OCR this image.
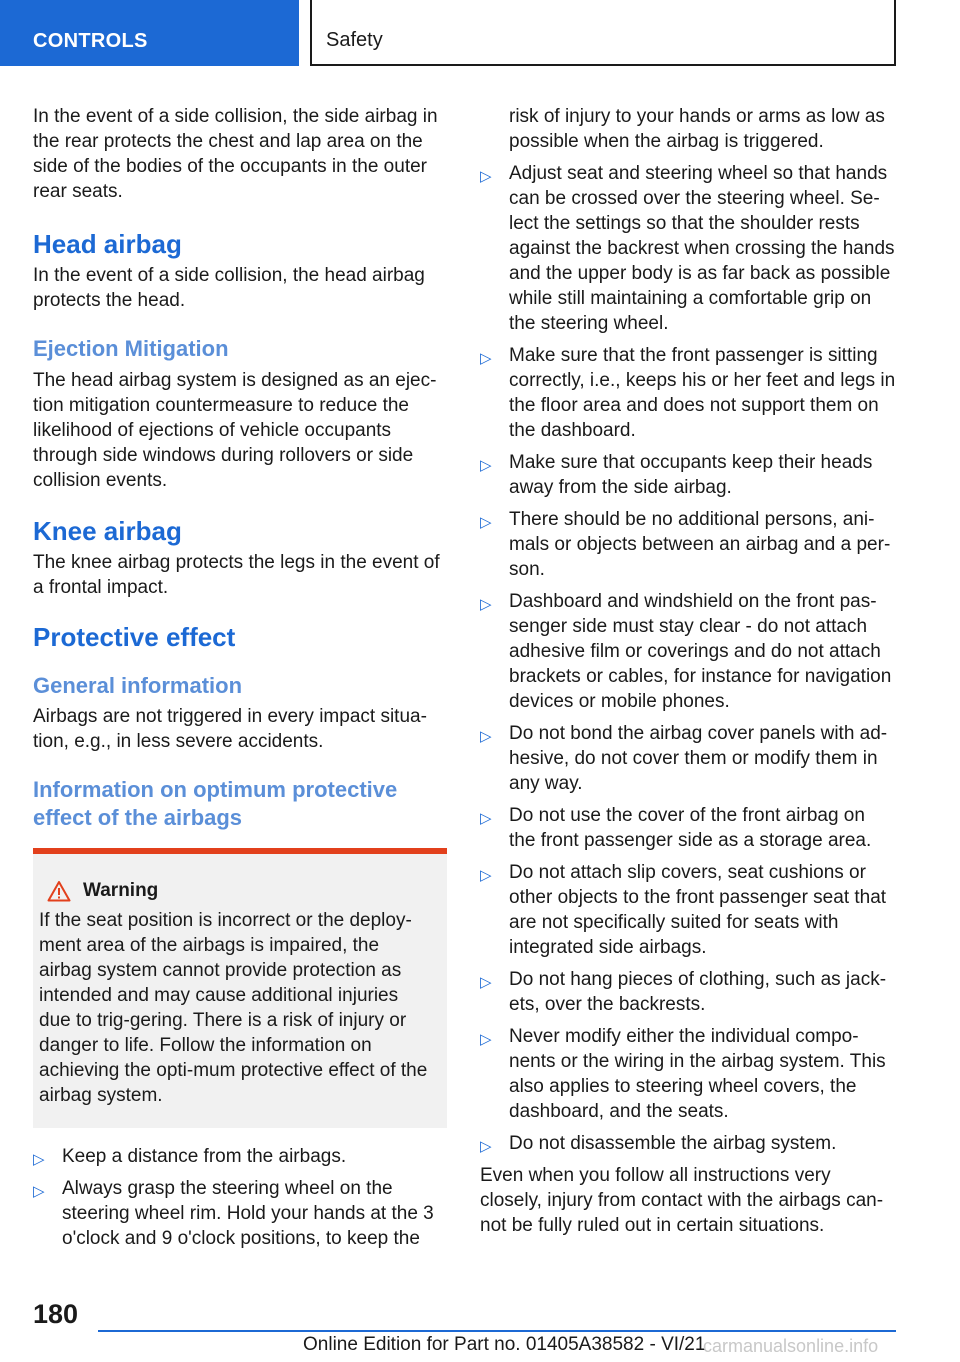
CONTROLS	Safety

In the event of a side collision, the side airbag in the rear protects the chest and lap area on the side of the bodies of the occupants in the outer rear seats.

Head airbag

In the event of a side collision, the head airbag protects the head.

Ejection Mitigation

The head airbag system is designed as an ejec‐tion mitigation countermeasure to reduce the likelihood of ejections of vehicle occupants through side windows during rollovers or side collision events.

Knee airbag

The knee airbag protects the legs in the event of a frontal impact.

Protective effect
General information

Airbags are not triggered in every impact situa‐tion, e.g., in less severe accidents.

Information on optimum protective effect of the airbags
Warning

If the seat position is incorrect or the deploy‐ment area of the airbags is impaired, the airbag system cannot provide protection as intended and may cause additional injuries due to trig‐gering. There is a risk of injury or danger to life. Follow the information on achieving the opti‐mum protective effect of the airbag system.

▷ Keep a distance from the airbags.
▷ Always grasp the steering wheel on the steering wheel rim. Hold your hands at the 3 o'clock and 9 o'clock positions, to keep the

risk of injury to your hands or arms as low as possible when the airbag is triggered.

▷ Adjust seat and steering wheel so that hands can be crossed over the steering wheel. Se‐lect the settings so that the shoulder rests against the backrest when crossing the hands and the upper body is as far back as possible while still maintaining a comfortable grip on the steering wheel.
▷ Make sure that the front passenger is sitting correctly, i.e., keeps his or her feet and legs in the floor area and does not support them on the dashboard.
▷ Make sure that occupants keep their heads away from the side airbag.
▷ There should be no additional persons, ani‐mals or objects between an airbag and a per‐son.
▷ Dashboard and windshield on the front pas‐senger side must stay clear - do not attach adhesive film or coverings and do not attach brackets or cables, for instance for navigation devices or mobile phones.
▷ Do not bond the airbag cover panels with ad‐hesive, do not cover them or modify them in any way.
▷ Do not use the cover of the front airbag on the front passenger side as a storage area.
▷ Do not attach slip covers, seat cushions or other objects to the front passenger seat that are not specifically suited for seats with integrated side airbags.
▷ Do not hang pieces of clothing, such as jack‐ets, over the backrests.
▷ Never modify either the individual compo‐nents or the wiring in the airbag system. This also applies to steering wheel covers, the dashboard, and the seats.
▷ Do not disassemble the airbag system.

Even when you follow all instructions very closely, injury from contact with the airbags can‐not be fully ruled out in certain situations.

180
Online Edition for Part no. 01405A38582 - VI/21
carmanualsonline.info
